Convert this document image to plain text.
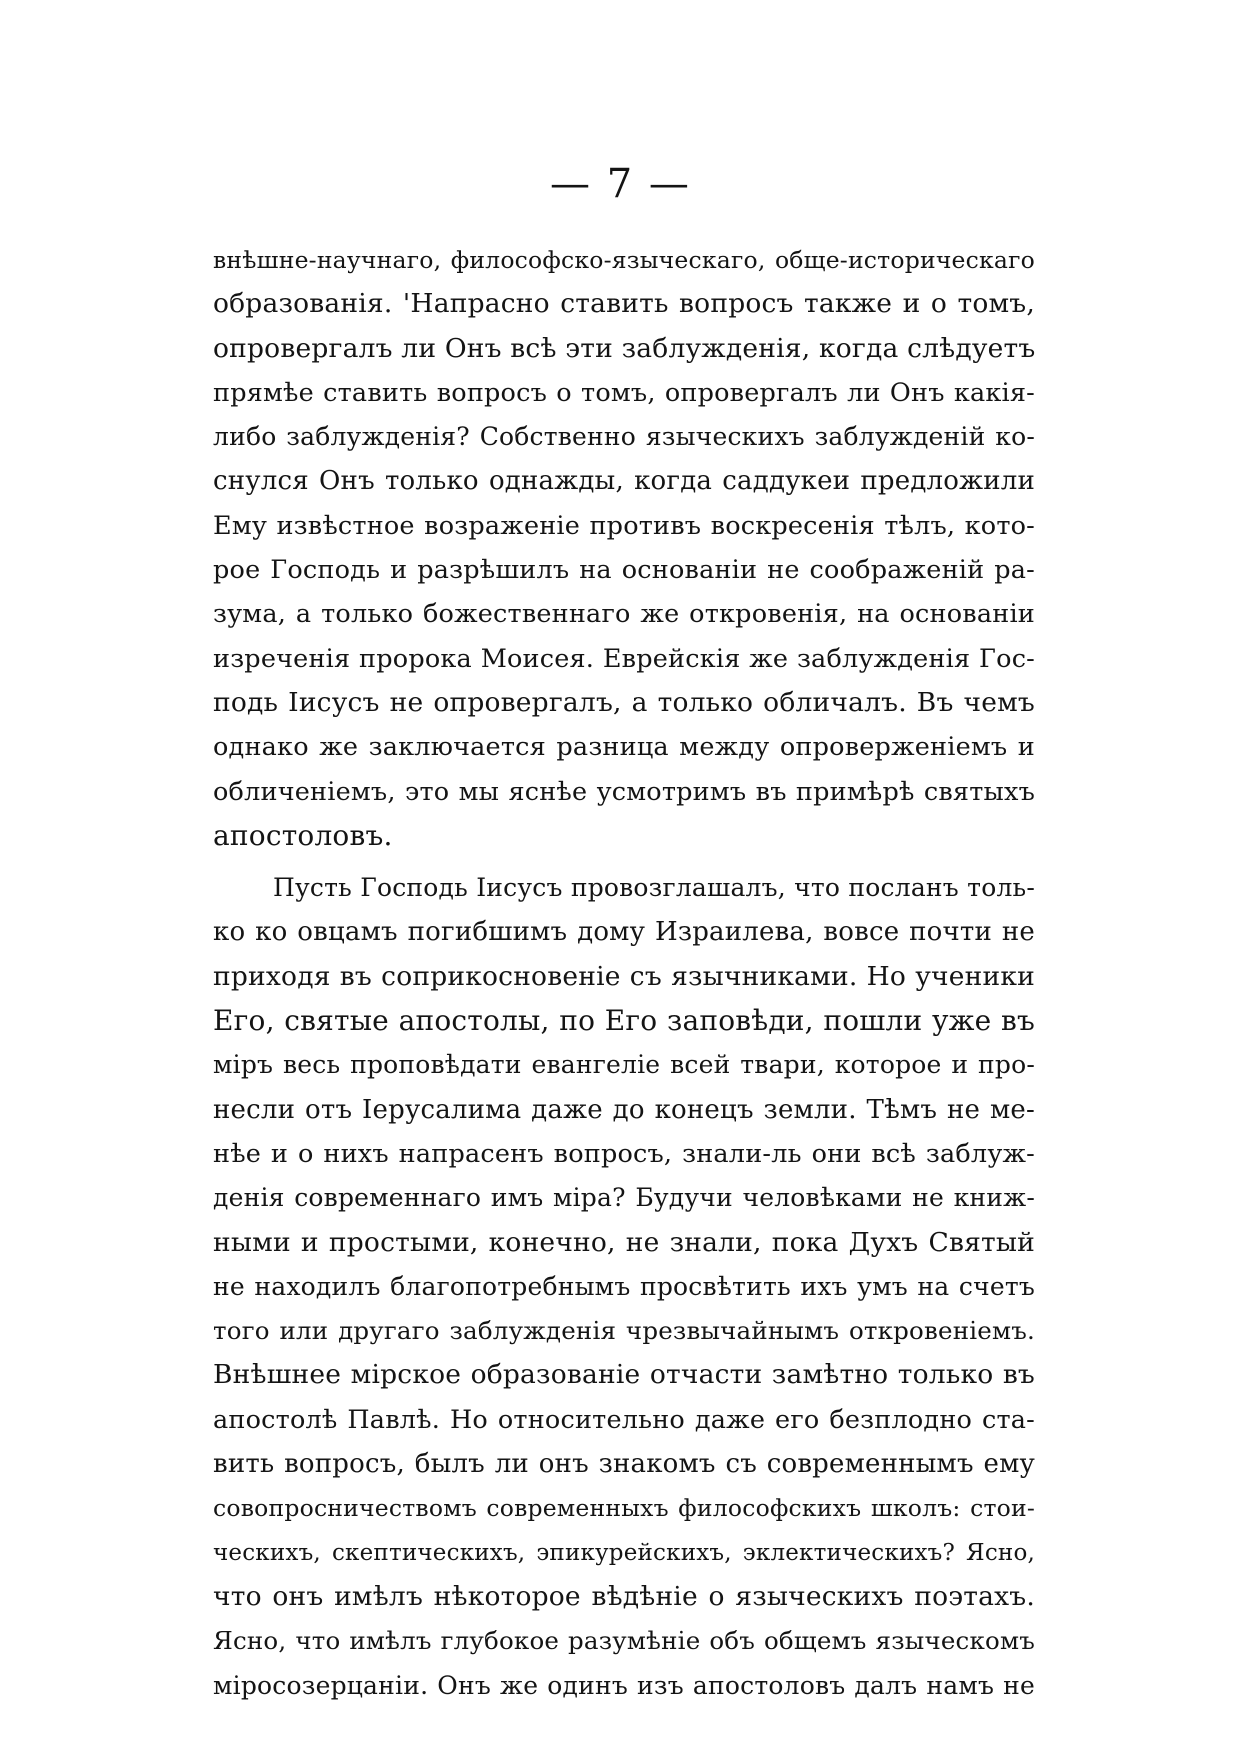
— 7 —
внѣшне-научнаго, философско-языческаго, обще-историческаго
образованія. 'Напрасно ставить вопросъ также и о томъ,
опровергалъ ли Онъ всѣ эти заблужденія, когда слѣдуетъ
прямѣе ставить вопросъ о томъ, опровергалъ ли Онъ какія-
либо заблужденія? Собственно языческихъ заблужденій ко-
снулся Онъ только однажды, когда саддукеи предложили
Ему извѣстное возраженіе противъ воскресенія тѣлъ, кото-
рое Господь и разрѣшилъ на основаніи не соображеній ра-
зума, а только божественнаго же откровенія, на основаніи
изреченія пророка Моисея. Еврейскія же заблужденія Гос-
подь Іисусъ не опровергалъ, а только обличалъ. Въ чемъ
однако же заключается разница между опроверженіемъ и
обличеніемъ, это мы яснѣе усмотримъ въ примѣрѣ святыхъ
апостоловъ.
Пусть Господь Іисусъ провозглашалъ, что посланъ толь-
ко ко овцамъ погибшимъ дому Израилева, вовсе почти не
приходя въ соприкосновеніе съ язычниками. Но ученики
Его, святые апостолы, по Его заповѣди, пошли уже въ
міръ весь проповѣдати евангеліе всей твари, которое и про-
несли отъ Іерусалима даже до конецъ земли. Тѣмъ не ме-
нѣе и о нихъ напрасенъ вопросъ, знали-ль они всѣ заблуж-
денія современнаго имъ міра? Будучи человѣками не книж-
ными и простыми, конечно, не знали, пока Духъ Святый
не находилъ благопотребнымъ просвѣтить ихъ умъ на счетъ
того или другаго заблужденія чрезвычайнымъ откровеніемъ.
Внѣшнее мірское образованіе отчасти замѣтно только въ
апостолѣ Павлѣ. Но относительно даже его безплодно ста-
вить вопросъ, былъ ли онъ знакомъ съ современнымъ ему
совопросничествомъ современныхъ философскихъ школъ: стои-
ческихъ, скептическихъ, эпикурейскихъ, эклектическихъ? Ясно,
что онъ имѣлъ нѣкоторое вѣдѣніе о языческихъ поэтахъ.
Ясно, что имѣлъ глубокое разумѣніе объ общемъ языческомъ
міросозерцаніи. Онъ же одинъ изъ апостоловъ далъ намъ не
